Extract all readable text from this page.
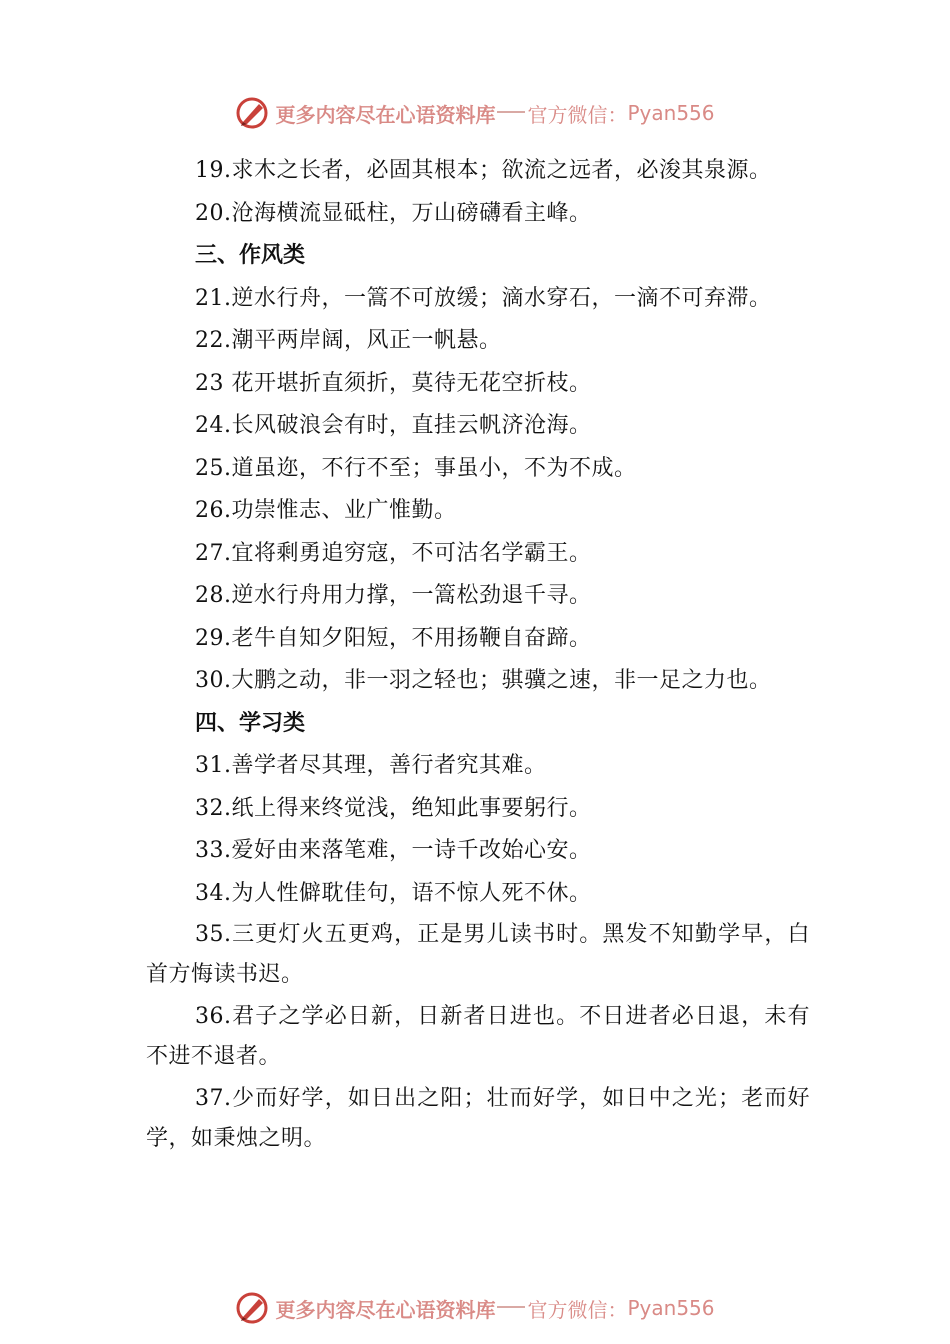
更多内容尽在心语资料库 官方微信： Pyan556
19.求木之长者，必固其根本；欲流之远者，必浚其泉源。
20.沧海横流显砥柱，万山磅礴看主峰。
三、作风类
21.逆水行舟，一篙不可放缓；滴水穿石，一滴不可弃滞。
22.潮平两岸阔，风正一帆悬。
23 花开堪折直须折，莫待无花空折枝。
24.长风破浪会有时，直挂云帆济沧海。
25.道虽迩，不行不至；事虽小，不为不成。
26.功崇惟志、业广惟勤。
27.宜将剩勇追穷寇，不可沽名学霸王。
28.逆水行舟用力撑，一篙松劲退千寻。
29.老牛自知夕阳短，不用扬鞭自奋蹄。
30.大鹏之动，非一羽之轻也；骐骥之速，非一足之力也。
四、学习类
31.善学者尽其理，善行者究其难。
32.纸上得来终觉浅，绝知此事要躬行。
33.爱好由来落笔难，一诗千改始心安。
34.为人性僻耽佳句，语不惊人死不休。
35.三更灯火五更鸡，正是男儿读书时。黑发不知勤学早，白首方悔读书迟。
36.君子之学必日新，日新者日进也。不日进者必日退，未有不进不退者。
37.少而好学，如日出之阳；壮而好学，如日中之光；老而好学，如秉烛之明。
更多内容尽在心语资料库 官方微信： Pyan556
